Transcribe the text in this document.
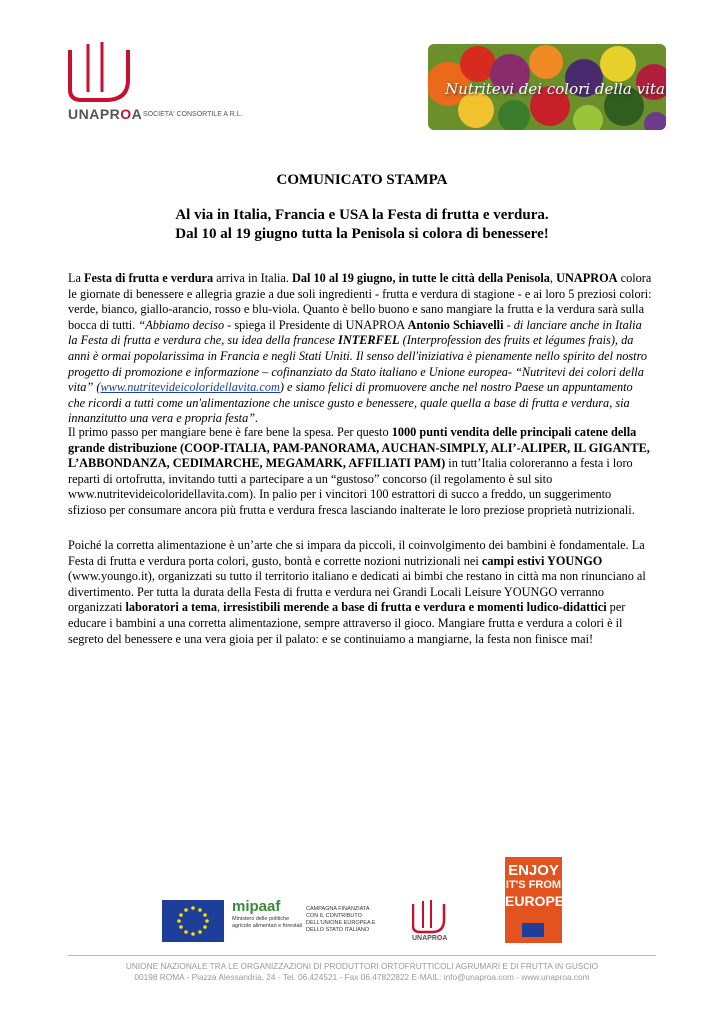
UNAPROA SOCIETA' CONSORTILE A R.L.
Nutritevi dei colori della vita
COMUNICATO STAMPA
Al via in Italia, Francia e USA la Festa di frutta e verdura.
Dal 10 al 19 giugno tutta la Penisola si colora di benessere!
La Festa di frutta e verdura arriva in Italia. Dal 10 al 19 giugno, in tutte le città della Penisola, UNAPROA colora le giornate di benessere e allegria grazie a due soli ingredienti - frutta e verdura di stagione - e ai loro 5 preziosi colori: verde, bianco, giallo-arancio, rosso e blu-viola. Quanto è bello buono e sano mangiare la frutta e la verdura sarà sulla bocca di tutti. “Abbiamo deciso - spiega il Presidente di UNAPROA Antonio Schiavelli - di lanciare anche in Italia la Festa di frutta e verdura che, su idea della francese INTERFEL (Interprofession des fruits et légumes frais), da anni è ormai popolarissima in Francia e negli Stati Uniti. Il senso dell'iniziativa è pienamente nello spirito del nostro progetto di promozione e informazione – cofinanziato da Stato italiano e Unione europea- “Nutritevi dei colori della vita” (www.nutritevideicoloridellavita.com) e siamo felici di promuovere anche nel nostro Paese un appuntamento che ricordi a tutti come un'alimentazione che unisce gusto e benessere, quale quella a base di frutta e verdura, sia innanzitutto una vera e propria festa”.
Il primo passo per mangiare bene è fare bene la spesa. Per questo 1000 punti vendita delle principali catene della grande distribuzione (COOP-ITALIA, PAM-PANORAMA, AUCHAN-SIMPLY, ALI’-ALIPER, IL GIGANTE, L’ABBONDANZA, CEDIMARCHE, MEGAMARK, AFFILIATI PAM) in tutt’Italia coloreranno a festa i loro reparti di ortofrutta, invitando tutti a partecipare a un “gustoso” concorso (il regolamento è sul sito www.nutritevideicoloridellavita.com). In palio per i vincitori 100 estrattori di succo a freddo, un suggerimento sfizioso per consumare ancora più frutta e verdura fresca lasciando inalterate le loro preziose proprietà nutrizionali.
Poiché la corretta alimentazione è un’arte che si impara da piccoli, il coinvolgimento dei bambini è fondamentale. La Festa di frutta e verdura porta colori, gusto, bontà e corrette nozioni nutrizionali nei campi estivi YOUNGO (www.youngo.it), organizzati su tutto il territorio italiano e dedicati ai bimbi che restano in città ma non rinunciano al divertimento. Per tutta la durata della Festa di frutta e verdura nei Grandi Locali Leisure YOUNGO verranno organizzati laboratori a tema, irresistibili merende a base di frutta e verdura e momenti ludico-didattici per educare i bambini a una corretta alimentazione, sempre attraverso il gioco. Mangiare frutta e verdura a colori è il segreto del benessere e una vera gioia per il palato: e se continuiamo a mangiarne, la festa non finisce mai!
mipaaf
Ministero delle politiche agricole alimentari e forestali
CAMPAGNA FINANZIATA CON IL CONTRIBUTO DELL'UNIONE EUROPEA E DELLO STATO ITALIANO
UNAPROA
ENJOY
IT'S FROM
EUROPE
UNIONE NAZIONALE TRA LE ORGANIZZAZIONI DI PRODUTTORI ORTOFRUTTICOLI AGRUMARI E DI FRUTTA IN GUSCIO
00198 ROMA - Piazza Alessandria, 24 - Tel. 06.424521 - Fax 06.47822822 E-MAIL: info@unaproa.com - www.unaproa.com
